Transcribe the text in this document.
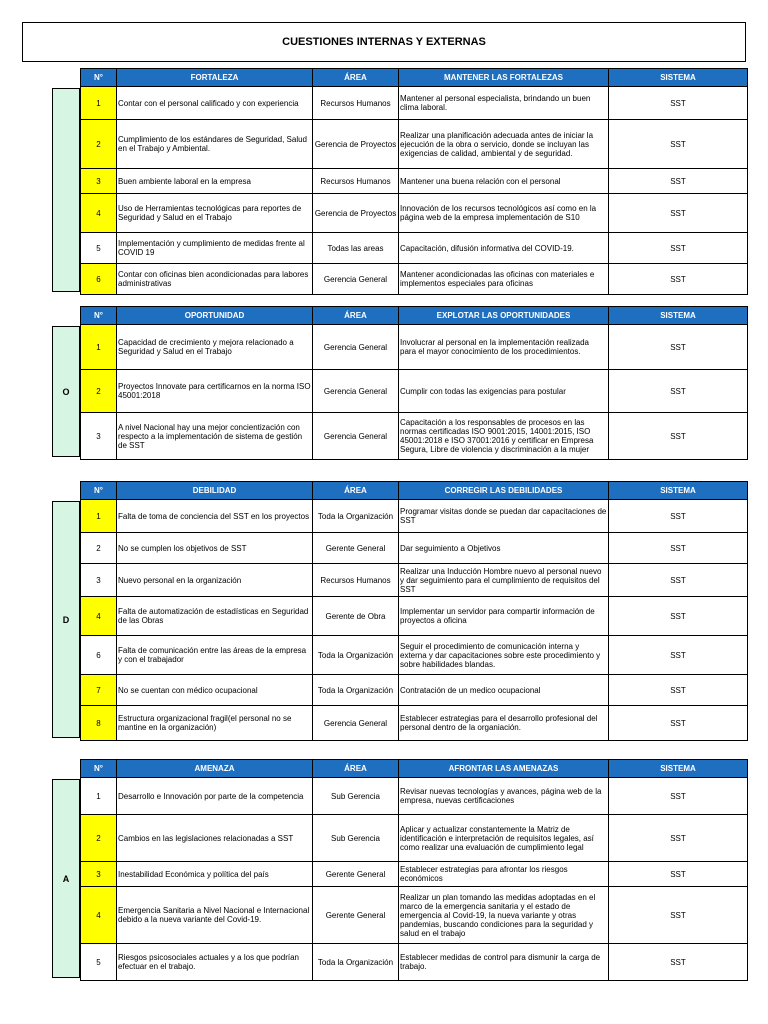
CUESTIONES INTERNAS Y EXTERNAS
N°	FORTALEZA	ÁREA	MANTENER LAS FORTALEZAS	SISTEMA
1	Contar con el personal calificado y con experiencia	Recursos Humanos	Mantener al personal especialista, brindando un buen clima laboral.	SST
2	Cumplimiento de los estándares de Seguridad, Salud en el Trabajo y Ambiental.	Gerencia de Proyectos	Realizar una planificación adecuada antes de iniciar la ejecución de la obra o servicio, donde se incluyan las exigencias de calidad, ambiental y de seguridad.	SST
3	Buen ambiente laboral en la empresa	Recursos Humanos	Mantener una buena relación con el personal	SST
4	Uso de Herramientas tecnológicas para reportes de Seguridad y Salud en el Trabajo	Gerencia de Proyectos	Innovación de los recursos tecnológicos así como en la página web de la empresa implementación de S10	SST
5	Implementación y cumplimiento de medidas frente al COVID 19	Todas las areas	Capacitación, difusión informativa del COVID-19.	SST
6	Contar con oficinas bien acondicionadas para labores administrativas	Gerencia General	Mantener acondicionadas las oficinas con materiales e implementos especiales para oficinas	SST
O
N°	OPORTUNIDAD	ÁREA	EXPLOTAR LAS OPORTUNIDADES	SISTEMA
1	Capacidad de crecimiento y mejora relacionado a Seguridad y Salud en el Trabajo	Gerencia General	Involucrar al personal en la implementación realizada para el mayor conocimiento de los procedimientos.	SST
2	Proyectos Innovate para certificarnos en la norma ISO 45001:2018	Gerencia General	Cumplir con todas las exigencias para postular	SST
3	A nivel Nacional hay una mejor concientización con respecto a la implementación de sistema de gestión de SST	Gerencia General	Capacitación a los responsables de procesos en las normas certificadas ISO 9001:2015, 14001:2015, ISO 45001:2018 e ISO 37001:2016 y certificar en Empresa Segura, Libre de violencia y discriminación a la mujer	SST
D
N°	DEBILIDAD	ÁREA	CORREGIR LAS DEBILIDADES	SISTEMA
1	Falta de toma de conciencia del SST en los proyectos	Toda la Organización	Programar visitas donde se puedan dar capacitaciones de SST	SST
2	No se cumplen los objetivos de SST	Gerente General	Dar seguimiento a Objetivos	SST
3	Nuevo personal en la organización	Recursos Humanos	Realizar una Inducción Hombre nuevo al personal nuevo y dar seguimiento para el cumplimiento de requisitos del SST	SST
4	Falta de automatización de estadísticas en Seguridad de las Obras	Gerente de Obra	Implementar un servidor para compartir información de proyectos a oficina	SST
6	Falta de comunicación entre las áreas de la empresa y con el trabajador	Toda la Organización	Seguir el procedimiento de comunicación interna y externa y dar capacitaciones sobre este procedimiento y sobre habilidades blandas.	SST
7	No se cuentan con médico ocupacional	Toda la Organización	Contratación de un medico ocupacional	SST
8	Estructura organizacional fragil(el personal no se mantine en la organización)	Gerencia General	Establecer estrategias para el desarrollo profesional del personal dentro de la organiación.	SST
A
N°	AMENAZA	ÁREA	AFRONTAR LAS AMENAZAS	SISTEMA
1	Desarrollo e Innovación por parte de la competencia	Sub Gerencia	Revisar nuevas tecnologías y avances, página web de la empresa, nuevas certificaciones	SST
2	Cambios en las legislaciones relacionadas a SST	Sub Gerencia	Aplicar y actualizar constantemente la Matriz de identificación e interpretación de requisitos legales, así como realizar una evaluación de cumplimiento legal	SST
3	Inestabilidad Económica y política del país	Gerente General	Establecer estrategias para afrontar los riesgos económicos	SST
4	Emergencia Sanitaria a Nivel Nacional e Internacional debido a la nueva variante del Covid-19.	Gerente General	Realizar un plan tomando las medidas adoptadas en el marco de la emergencia sanitaria y el estado de emergencia al Covid-19, la nueva variante y otras pandemias, buscando condiciones para la seguridad y salud en el trabajo	SST
5	Riesgos psicosociales actuales y a los que podrían efectuar en el trabajo.	Toda la Organización	Establecer medidas de control para dismunir la carga de trabajo.	SST
